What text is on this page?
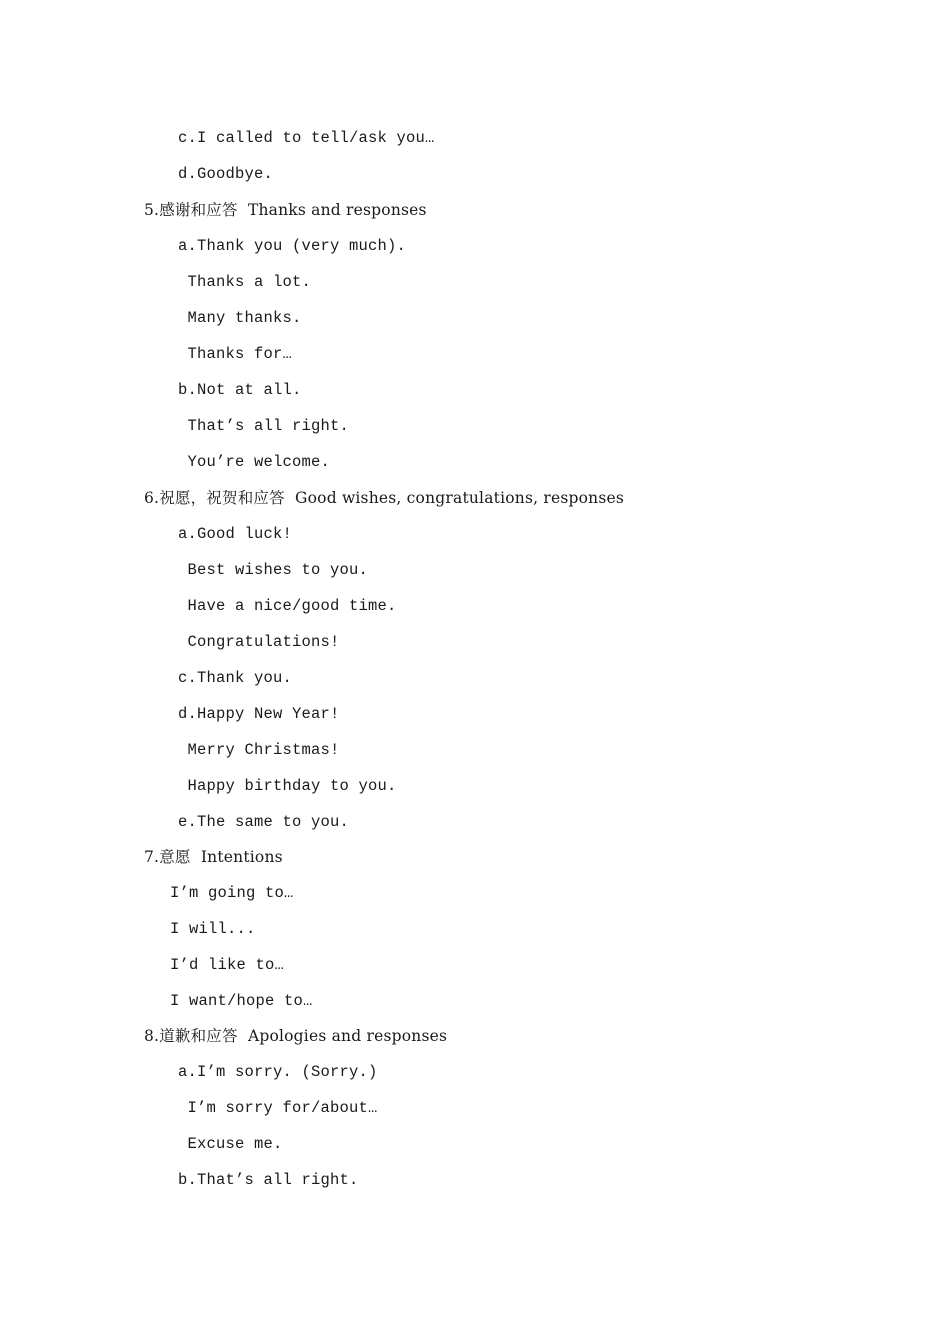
c.I called to tell/ask you…
d.Goodbye.
5.感谢和应答  Thanks and responses
a.Thank you (very much).
Thanks a lot.
Many thanks.
Thanks for…
b.Not at all.
That’s all right.
You’re welcome.
6.祝愿，祝贺和应答  Good wishes, congratulations, responses
a.Good luck!
Best wishes to you.
Have a nice/good time.
Congratulations!
c.Thank you.
d.Happy New Year!
Merry Christmas!
Happy birthday to you.
e.The same to you.
7.意愿  Intentions
I’m going to…
I will...
I’d like to…
I want/hope to…
8.道歉和应答  Apologies and responses
a.I’m sorry. (Sorry.)
I’m sorry for/about…
Excuse me.
b.That’s all right.
